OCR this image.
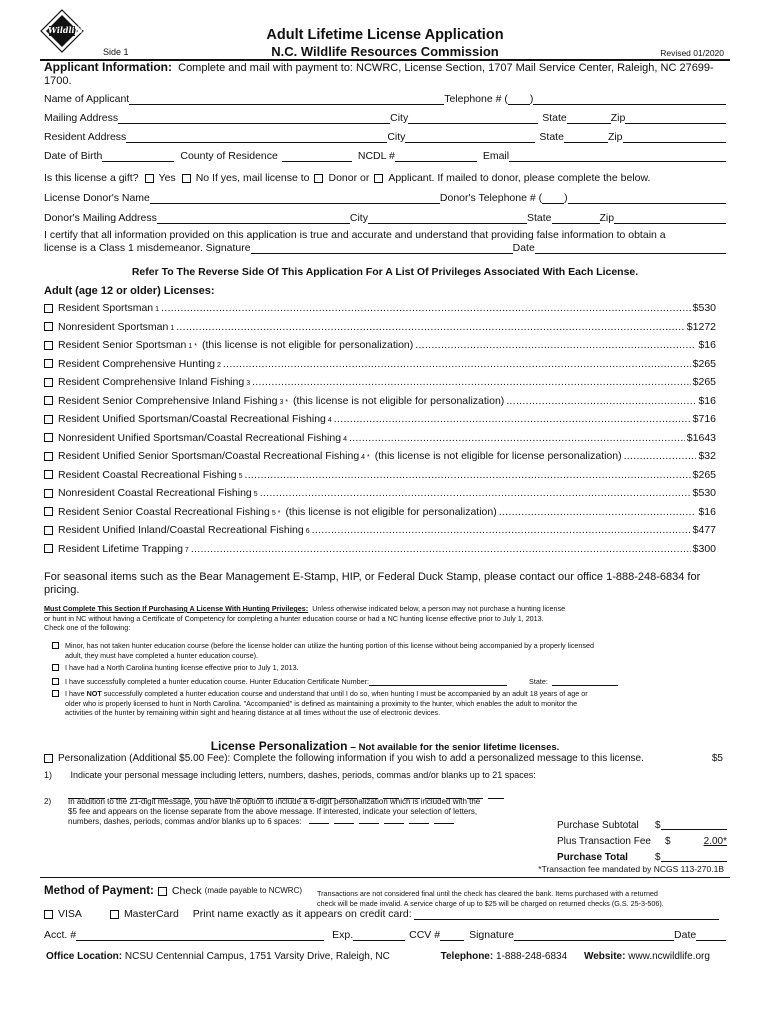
Wildlife	Adult Lifetime License Application
Side 1	N.C. Wildlife Resources Commission	Revised 01/2020
Applicant Information: Complete and mail with payment to: NCWRC, License Section, 1707 Mail Service Center, Raleigh, NC 27699-1700.
Name of Applicant	Telephone # ( )
Mailing Address	City	State	Zip
Resident Address	City	State	Zip
Date of Birth	County of Residence	NCDL #	Email
Is this license a gift? Yes No If yes, mail license to Donor or Applicant. If mailed to donor, please complete the below.
License Donor's Name	Donor's Telephone # ( )
Donor's Mailing Address	City	State	Zip
I certify that all information provided on this application is true and accurate and understand that providing false information to obtain a
license is a Class 1 misdemeanor. Signature	Date
Refer To The Reverse Side Of This Application For A List Of Privileges Associated With Each License.
Adult (age 12 or older) Licenses:
Resident Sportsman 1 .....	$530
Nonresident Sportsman 1 .....	$1272
Resident Senior Sportsman 1 * (this license is not eligible for personalization) .....	$16
Resident Comprehensive Hunting 2 .....	$265
Resident Comprehensive Inland Fishing 3 .....	$265
Resident Senior Comprehensive Inland Fishing 3 * (this license is not eligible for personalization) .....	$16
Resident Unified Sportsman/Coastal Recreational Fishing 4 .....	$716
Nonresident Unified Sportsman/Coastal Recreational Fishing 4 .....	$1643
Resident Unified Senior Sportsman/Coastal Recreational Fishing 4 * (this license is not eligible for license personalization) .....	$32
Resident Coastal Recreational Fishing 5 .....	$265
Nonresident Coastal Recreational Fishing 5 .....	$530
Resident Senior Coastal Recreational Fishing 5 * (this license is not eligible for personalization) .....	$16
Resident Unified Inland/Coastal Recreational Fishing 6 .....	$477
Resident Lifetime Trapping 7 .....	$300
For seasonal items such as the Bear Management E-Stamp, HIP, or Federal Duck Stamp, please contact our office 1-888-248-6834 for pricing.
Must Complete This Section If Purchasing A License With Hunting Privileges: Unless otherwise indicated below, a person may not purchase a hunting license
or hunt in NC without having a Certificate of Competency for completing a hunter education course or had a NC hunting license effective prior to July 1, 2013.
Check one of the following:
Minor, has not taken hunter education course (before the license holder can utilize the hunting portion of this license without being accompanied by a properly licensed
adult, they must have completed a hunter education course).
I have had a North Carolina hunting license effective prior to July 1, 2013.
I have successfully completed a hunter education course. Hunter Education Certificate Number:	State:
I have NOT successfully completed a hunter education course and understand that until I do so, when hunting I must be accompanied by an adult 18 years of age or
older who is properly licensed to hunt in North Carolina. "Accompanied" is defined as maintaining a proximity to the hunter, which enables the adult to monitor the
activities of the hunter by remaining within sight and hearing distance at all times without the use of electronic devices.
License Personalization – Not available for the senior lifetime licenses.
Personalization (Additional $5.00 Fee): Complete the following information if you wish to add a personalized message to this license.	$5
1) Indicate your personal message including letters, numbers, dashes, periods, commas and/or blanks up to 21 spaces:
2)	In addition to the 21-digit message, you have the option to include a 6-digit personalization which is included with the
$5 fee and appears on the license separate from the above message. If interested, indicate your selection of letters,
numbers, dashes, periods, commas and/or blanks up to 6 spaces:	Purchase Subtotal	$
Plus Transaction Fee	$	2.00*
Purchase Total	$
*Transaction fee mandated by NCGS 113-270.1B
Method of Payment: Check (made payable to NCWRC) Transactions are not considered final until the check has cleared the bank. Items purchased with a returned
check will be made invalid. A service charge of up to $25 will be charged on returned checks (G.S. 25-3-506).
VISA	MasterCard Print name exactly as it appears on credit card:
Acct. #	Exp.	CCV #	Signature	Date
Office Location: NCSU Centennial Campus, 1751 Varsity Drive, Raleigh, NC	Telephone: 1-888-248-6834 Website: www.ncwildlife.org
